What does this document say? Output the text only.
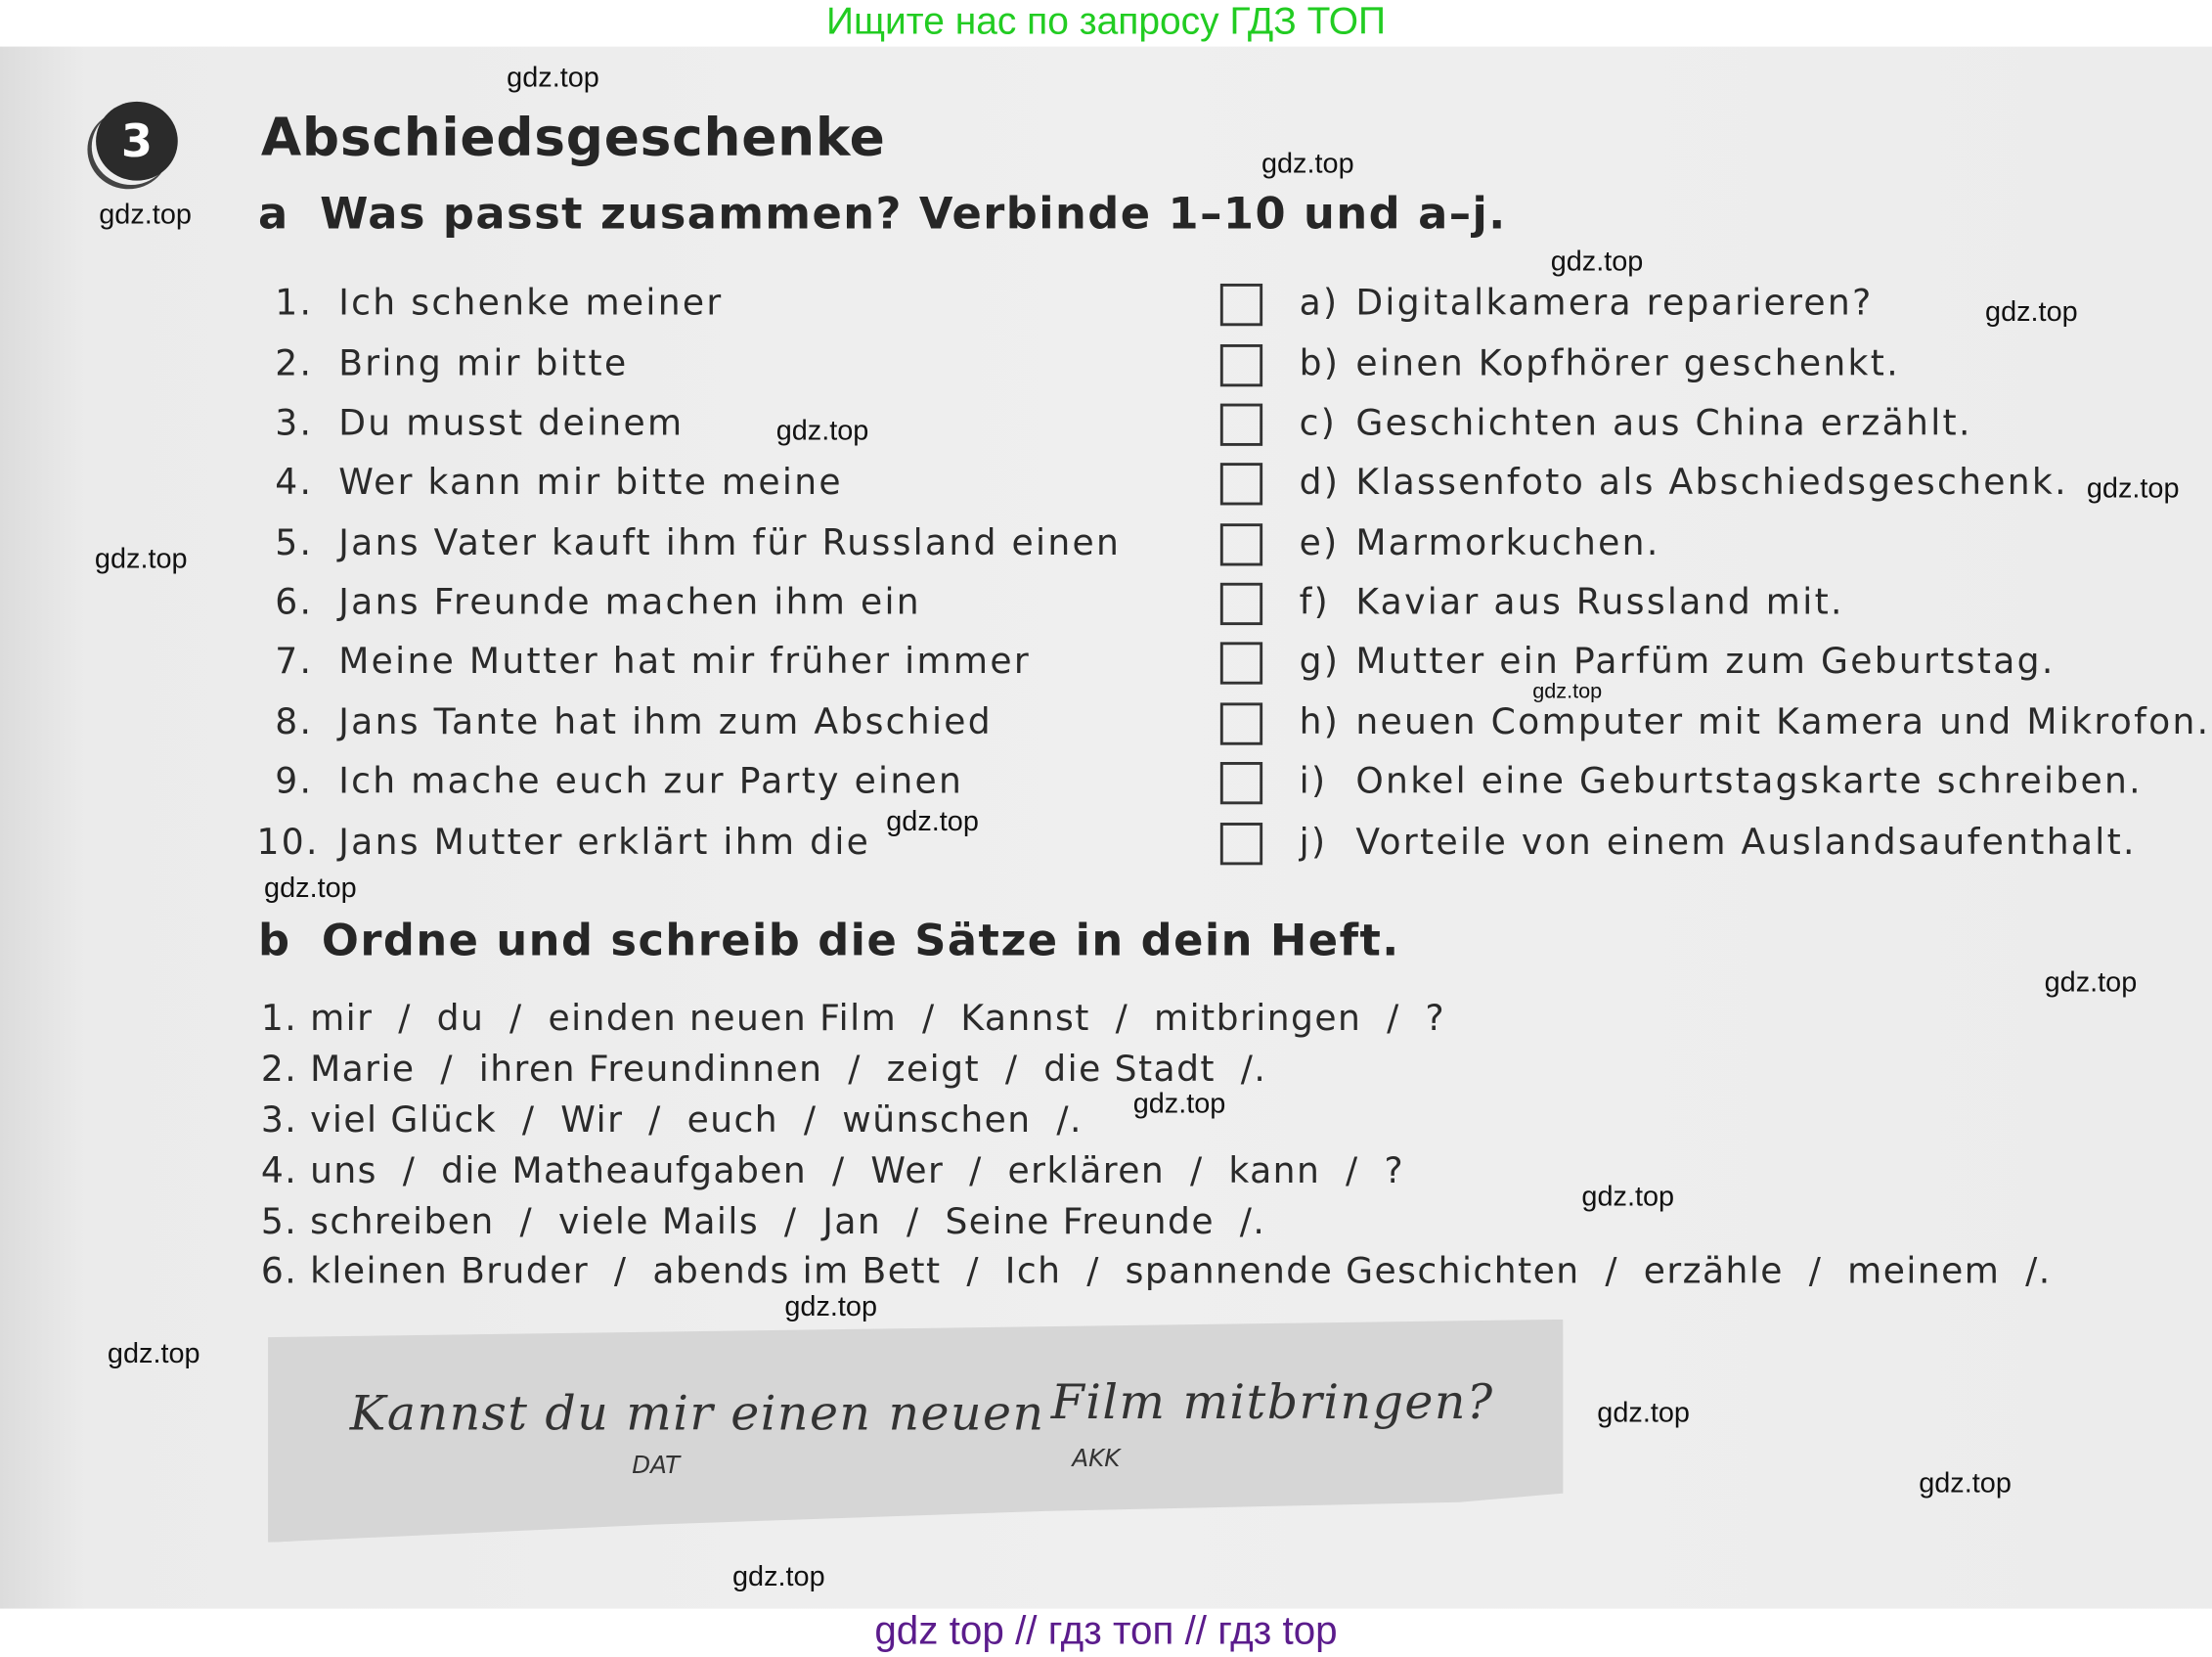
Ищите нас по запросу ГДЗ ТОП
3	Abschiedsgeschenke
a Was passt zusammen? Verbinde 1–10 und a–j.
1. Ich schenke meiner
2. Bring mir bitte
3. Du musst deinem
4. Wer kann mir bitte meine
5. Jans Vater kauft ihm für Russland einen
6. Jans Freunde machen ihm ein
7. Meine Mutter hat mir früher immer
8. Jans Tante hat ihm zum Abschied
9. Ich mache euch zur Party einen
10. Jans Mutter erklärt ihm die
a) Digitalkamera reparieren?
b) einen Kopfhörer geschenkt.
c) Geschichten aus China erzählt.
d) Klassenfoto als Abschiedsgeschenk.
e) Marmorkuchen.
f) Kaviar aus Russland mit.
g) Mutter ein Parfüm zum Geburtstag.
h) neuen Computer mit Kamera und Mikrofon.
i) Onkel eine Geburtstagskarte schreiben.
j) Vorteile von einem Auslandsaufenthalt.
b Ordne und schreib die Sätze in dein Heft.
1. mir  /  du  /  einden neuen Film  /  Kannst  /  mitbringen  /  ?
2. Marie  /  ihren Freundinnen  /  zeigt  /  die Stadt  /.
3. viel Glück  /  Wir  /  euch  /  wünschen  /.
4. uns  /  die Matheaufgaben  /  Wer  /  erklären  /  kann  /  ?
5. schreiben  /  viele Mails  /  Jan  /  Seine Freunde  /.
6. kleinen Bruder  /  abends im Bett  /  Ich  /  spannende Geschichten  /  erzähle  /  meinem  /.
Kannst du mir einen neuen Film mitbringen?
DAT	AKK
gdz.top
gdz.top
gdz.top
gdz.top
gdz.top
gdz.top
gdz.top
gdz.top
gdz.top
gdz.top
gdz.top
gdz.top
gdz.top
gdz.top
gdz.top
gdz.top
gdz.top
gdz.top
gdz.top
gdz top // гдз топ // гдз top
